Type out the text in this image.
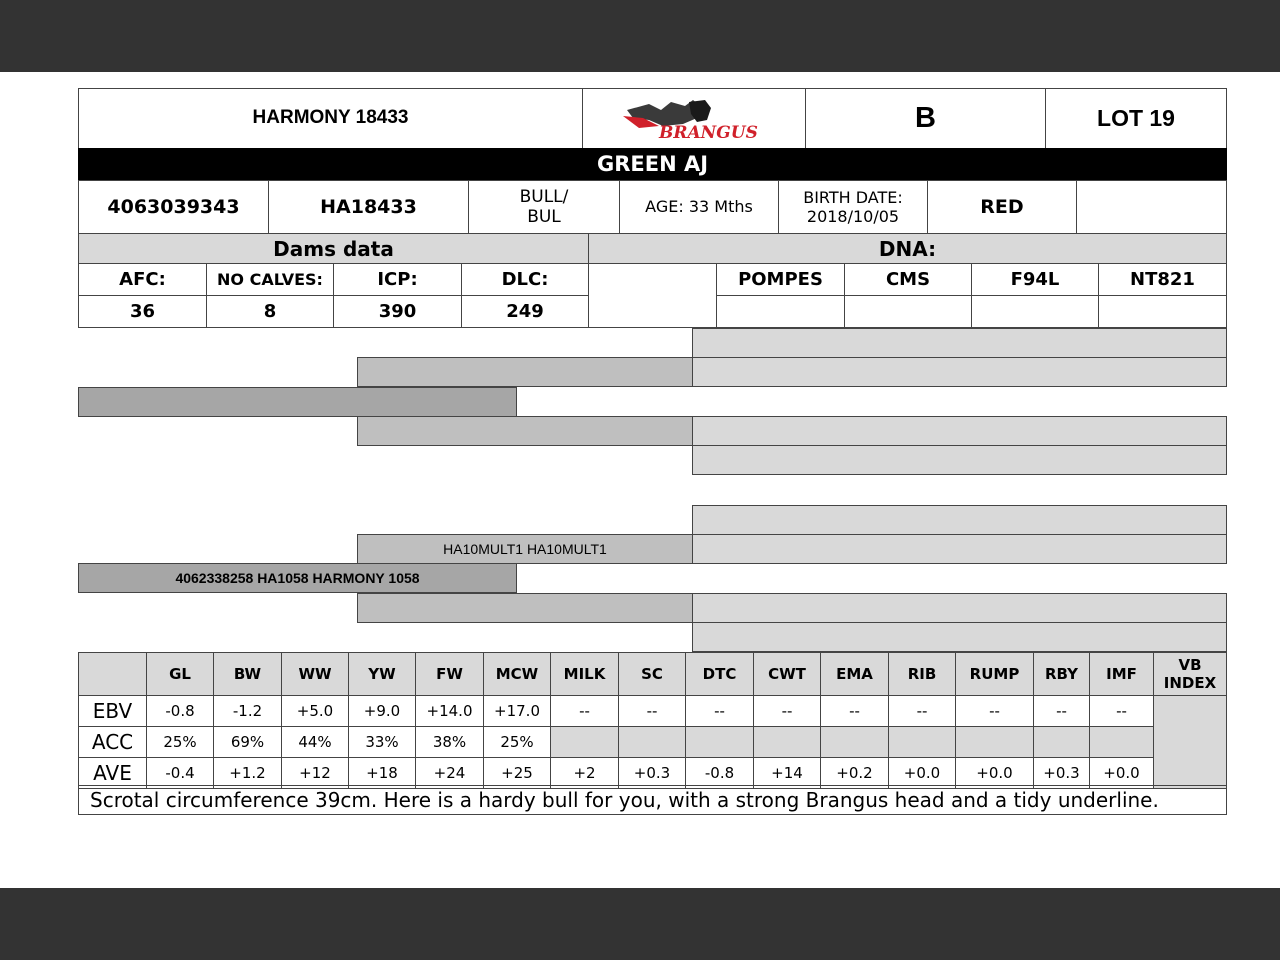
HARMONY 18433
BRANGUS	B	LOT 19
GREEN AJ
4063039343	HA18433	BULL/ BUL
AGE: 33 Mths
BIRTH DATE: 2018/10/05	RED
Dams data	DNA:
AFC:	NO CALVES:	ICP:	DLC:
36	8	390	249
POMPES	CMS	F94L	NT821
HA10MULT1 HA10MULT1
4062338258 HA1058 HARMONY 1058
GL	BW	WW	YW	FW	MCW	MILK	SC	DTC	CWT	EMA	RIB	RUMP	RBY	IMF	VB INDEX
EBV	-0.8	-1.2	+5.0	+9.0	+14.0	+17.0	--	--	--	--	--	--	--	--	--
ACC	25%	69%	44%	33%	38%	25%
AVE	-0.4	+1.2	+12	+18	+24	+25	+2	+0.3	-0.8	+14	+0.2	+0.0	+0.0	+0.3	+0.0
Scrotal circumference 39cm. Here is a hardy bull for you, with a strong Brangus head and a tidy underline.
